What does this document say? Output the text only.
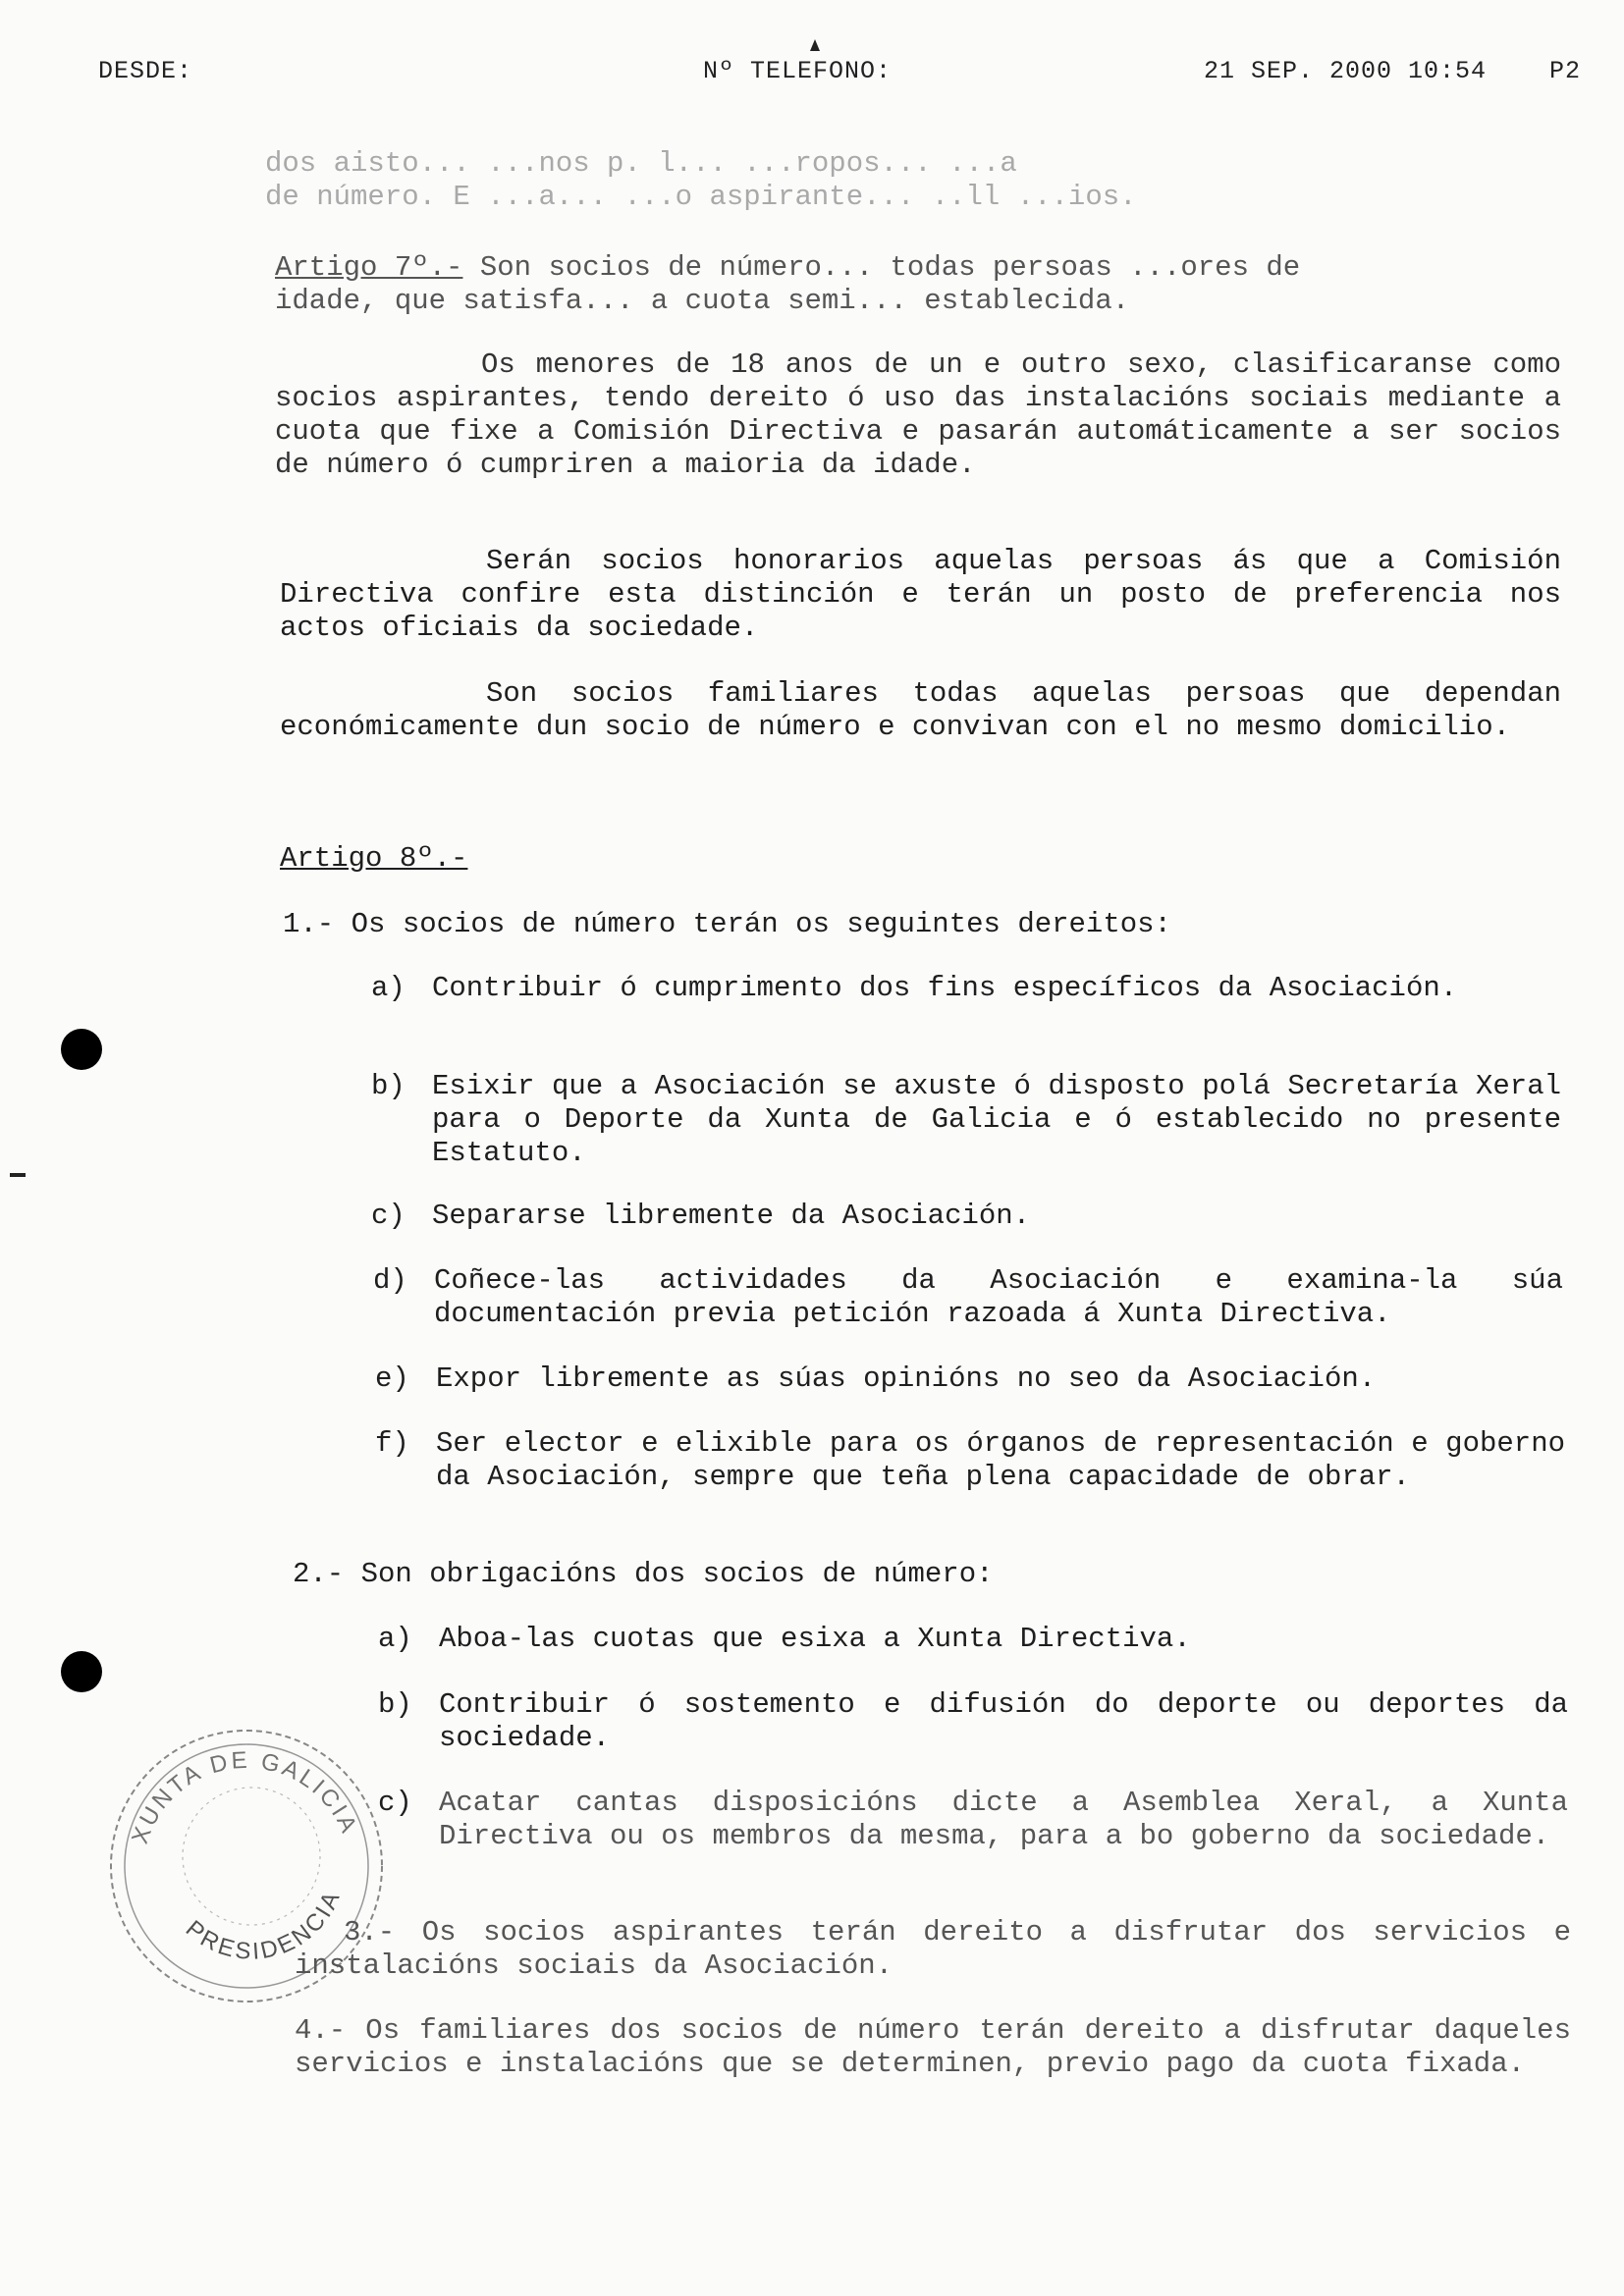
DESDE:	Nº TELEFONO:	21 SEP. 2000 10:54    P2
dos aisto... ...nos p. l... ...ropos... ...a
de número. E ...a... ...o aspirante... ..ll ...ios.
Artigo 7º.- Son socios de número... todas persoas ...ores de
idade, que satisfa... a cuota semi... establecida.
Os menores de 18 anos de un e outro sexo, clasificaranse como socios aspirantes, tendo dereito ó uso das instalacións sociais mediante a cuota que fixe a Comisión Directiva e pasarán automáticamente a ser socios de número ó cumpriren a maioria da idade.
Serán socios honorarios aquelas persoas ás que a Comisión Directiva confire esta distinción e terán un posto de preferencia nos actos oficiais da sociedade.
Son socios familiares todas aquelas persoas que dependan económicamente dun socio de número e convivan con el no mesmo domicilio.
Artigo 8º.-
1.- Os socios de número terán os seguintes dereitos:
a) Contribuir ó cumprimento dos fins específicos da Asociación.
b) Esixir que a Asociación se axuste ó disposto polá Secretaría Xeral para o Deporte da Xunta de Galicia e ó establecido no presente Estatuto.
c) Separarse libremente da Asociación.
d) Coñece-las actividades da Asociación e examina-la súa documentación previa petición razoada á Xunta Directiva.
e) Expor libremente as súas opinións no seo da Asociación.
f) Ser elector e elixible para os órganos de representación e goberno da Asociación, sempre que teña plena capacidade de obrar.
2.- Son obrigacións dos socios de número:
a) Aboa-las cuotas que esixa a Xunta Directiva.
b) Contribuir ó sostemento e difusión do deporte ou deportes da sociedade.
c) Acatar cantas disposicións dicte a Asemblea Xeral, a Xunta Directiva ou os membros da mesma, para a bo goberno da sociedade.
3.- Os socios aspirantes terán dereito a disfrutar dos servicios e instalacións sociais da Asociación.
4.- Os familiares dos socios de número terán dereito a disfrutar daqueles servicios e instalacións que se determinen, previo pago da cuota fixada.
XUNTA DE GALICIA
PRESIDENCIA
